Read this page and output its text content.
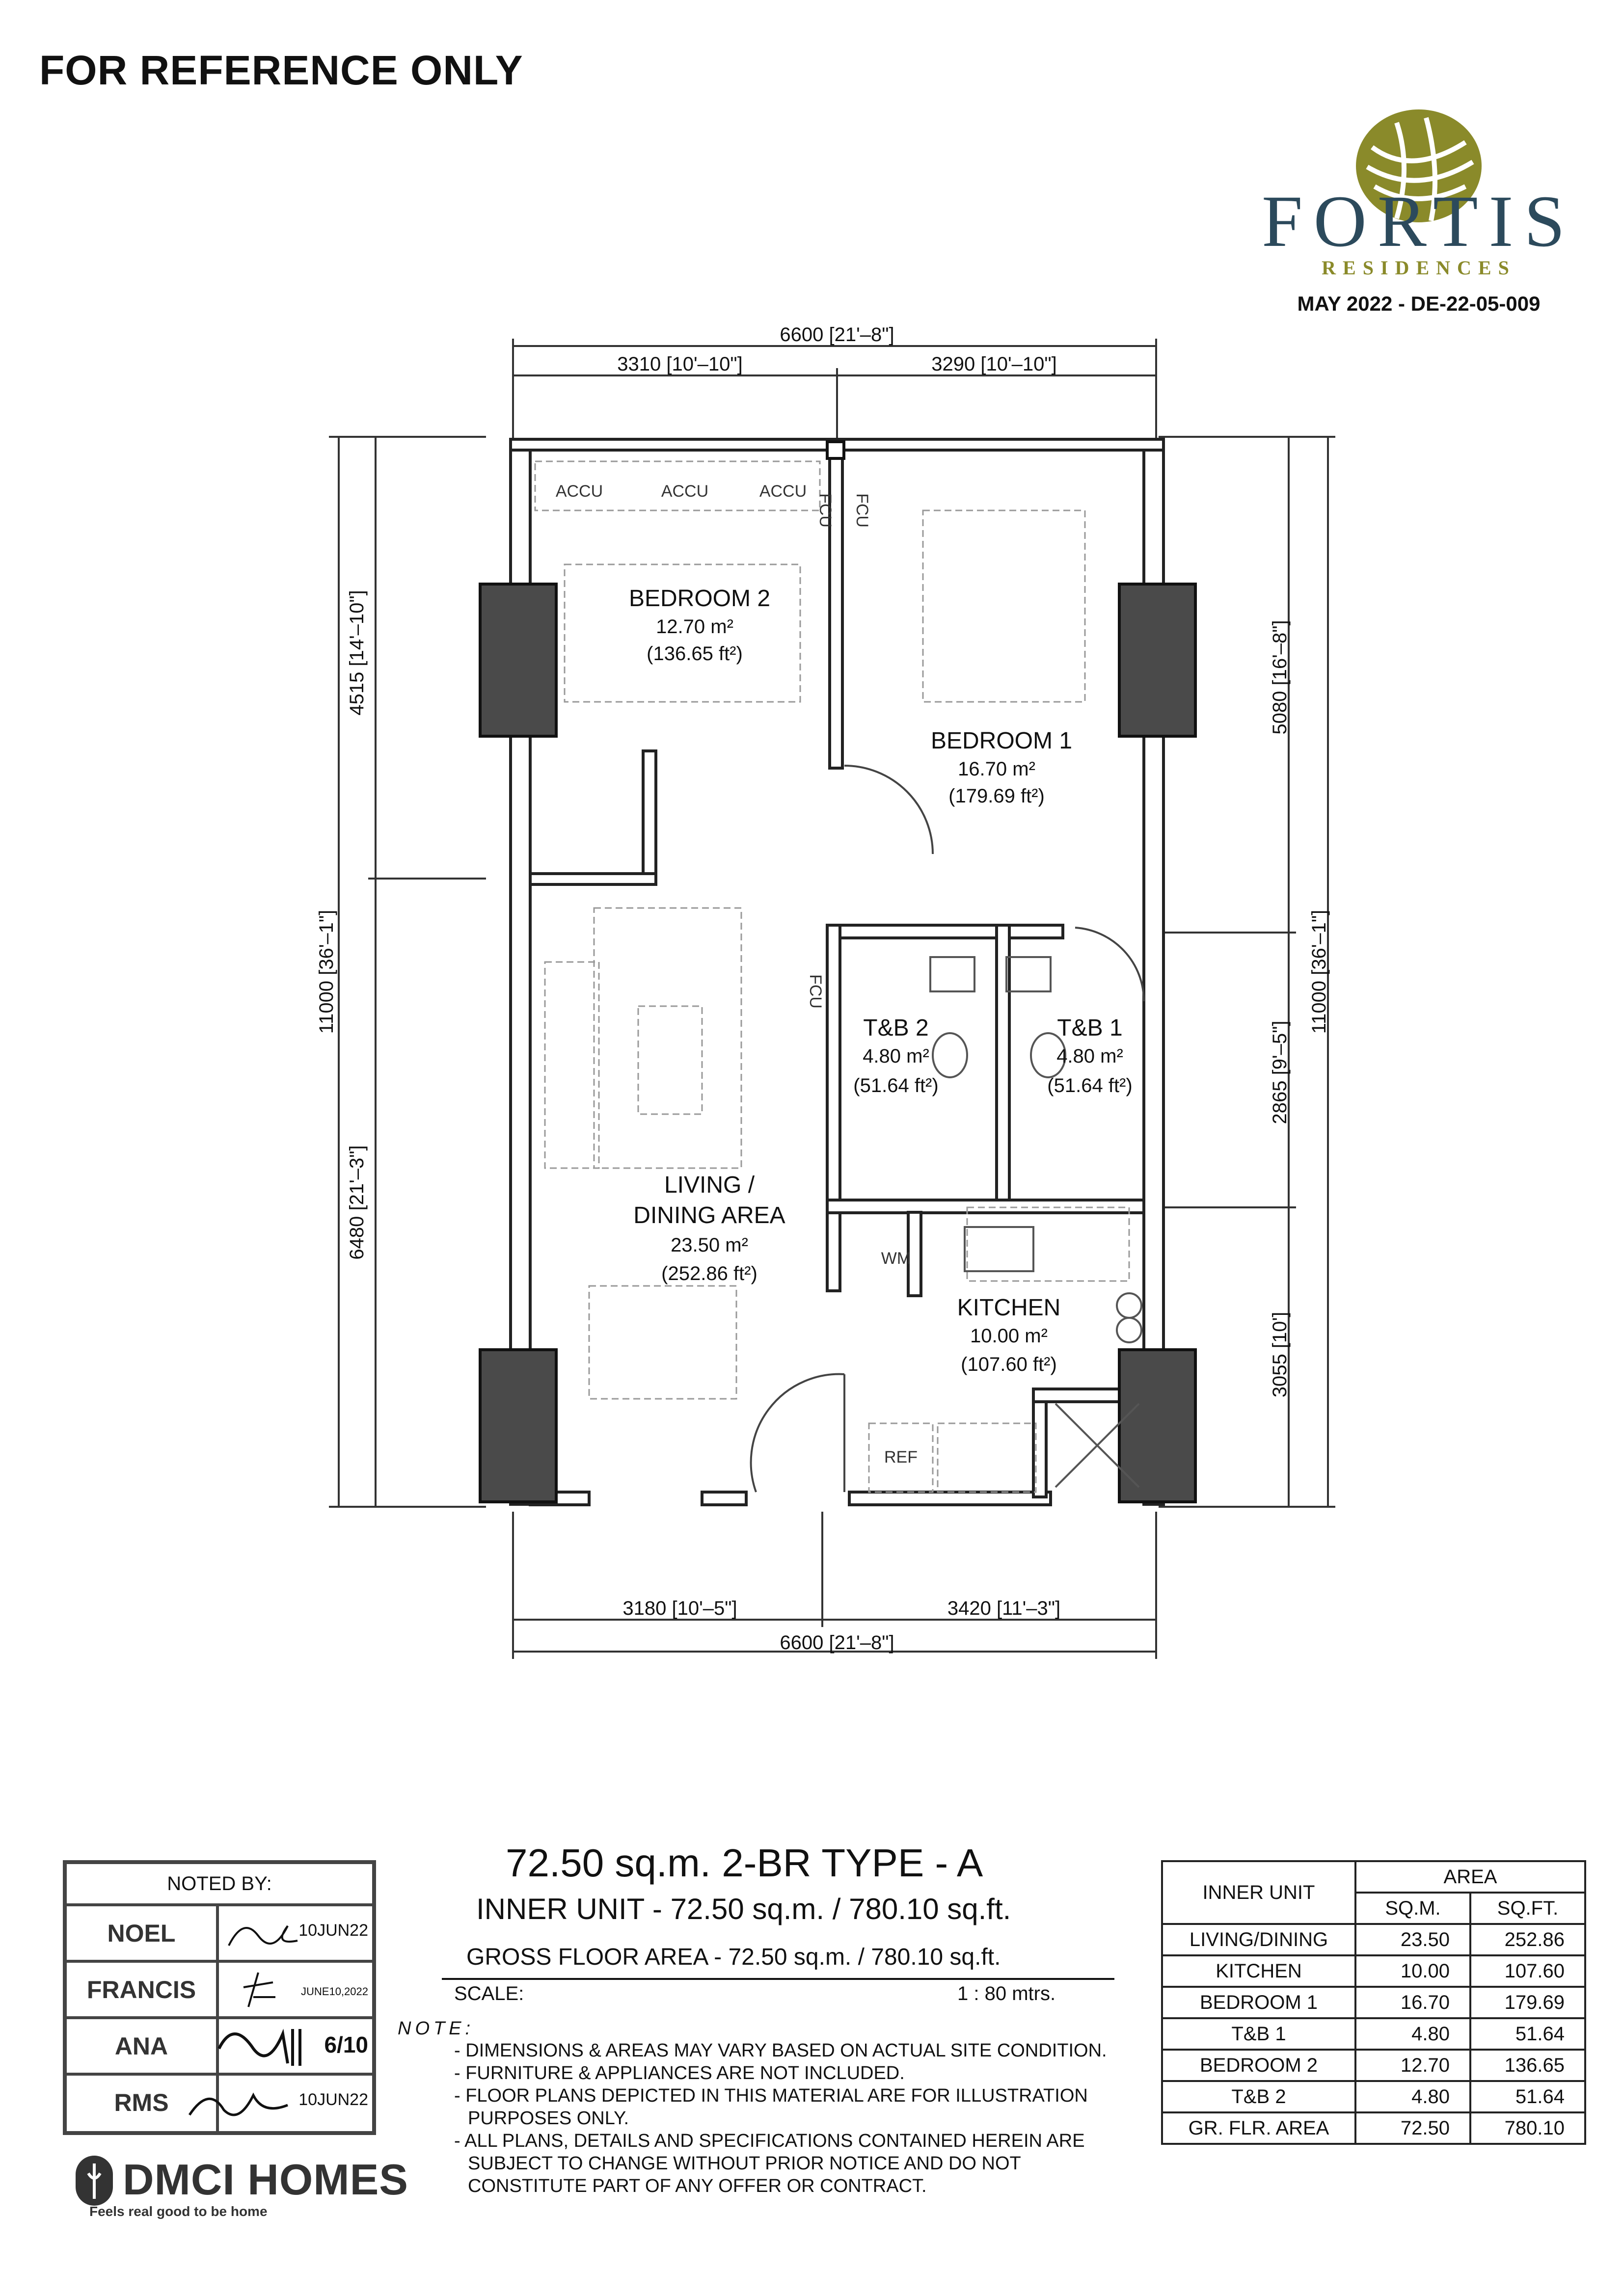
FOR REFERENCE ONLY
FORTIS
RESIDENCES
MAY 2022 - DE-22-05-009
ACCU	ACCU	ACCU
WM
REF
FCU FCU
FCU
6600 [21'–8"]
3310 [10'–10"]	3290 [10'–10"]
3180 [10'–5"]	3420 [11'–3"]
6600 [21'–8"]
4515 [14'–10"]
11000 [36'–1"]
6480 [21'–3"]
5080 [16'–8"]
11000 [36'–1"]
2865 [9'–5"]
3055 [10']
BEDROOM 2
12.70 m²
(136.65 ft²)
BEDROOM 1
16.70 m²
(179.69 ft²)
T&B 2
4.80 m²
(51.64 ft²)
T&B 1
4.80 m²
(51.64 ft²)
LIVING /
DINING AREA
23.50 m²
(252.86 ft²)
KITCHEN
10.00 m²
(107.60 ft²)
72.50 sq.m. 2-BR TYPE - A
INNER UNIT - 72.50 sq.m. / 780.10 sq.ft.
GROSS FLOOR AREA - 72.50 sq.m. / 780.10 sq.ft.
SCALE:	1 : 80 mtrs.
NOTE:
- DIMENSIONS & AREAS MAY VARY BASED ON ACTUAL SITE CONDITION.
- FURNITURE & APPLIANCES ARE NOT INCLUDED.
- FLOOR PLANS DEPICTED IN THIS MATERIAL ARE FOR ILLUSTRATION
PURPOSES ONLY.
- ALL PLANS, DETAILS AND SPECIFICATIONS CONTAINED HEREIN ARE
SUBJECT TO CHANGE WITHOUT PRIOR NOTICE AND DO NOT
CONSTITUTE PART OF ANY OFFER OR CONTRACT.
NOTED BY:
NOEL	10JUN22
FRANCIS	JUNE10,2022
ANA	6/10
RMS	10JUN22
DMCI HOMES
Feels real good to be home
INNER UNIT	AREA	
	SQ.M.	SQ.FT.
LIVING/DINING	23.50	252.86
KITCHEN	10.00	107.60
BEDROOM 1	16.70	179.69
T&B 1	4.80	51.64
BEDROOM 2	12.70	136.65
T&B 2	4.80	51.64
GR. FLR. AREA	72.50	780.10
